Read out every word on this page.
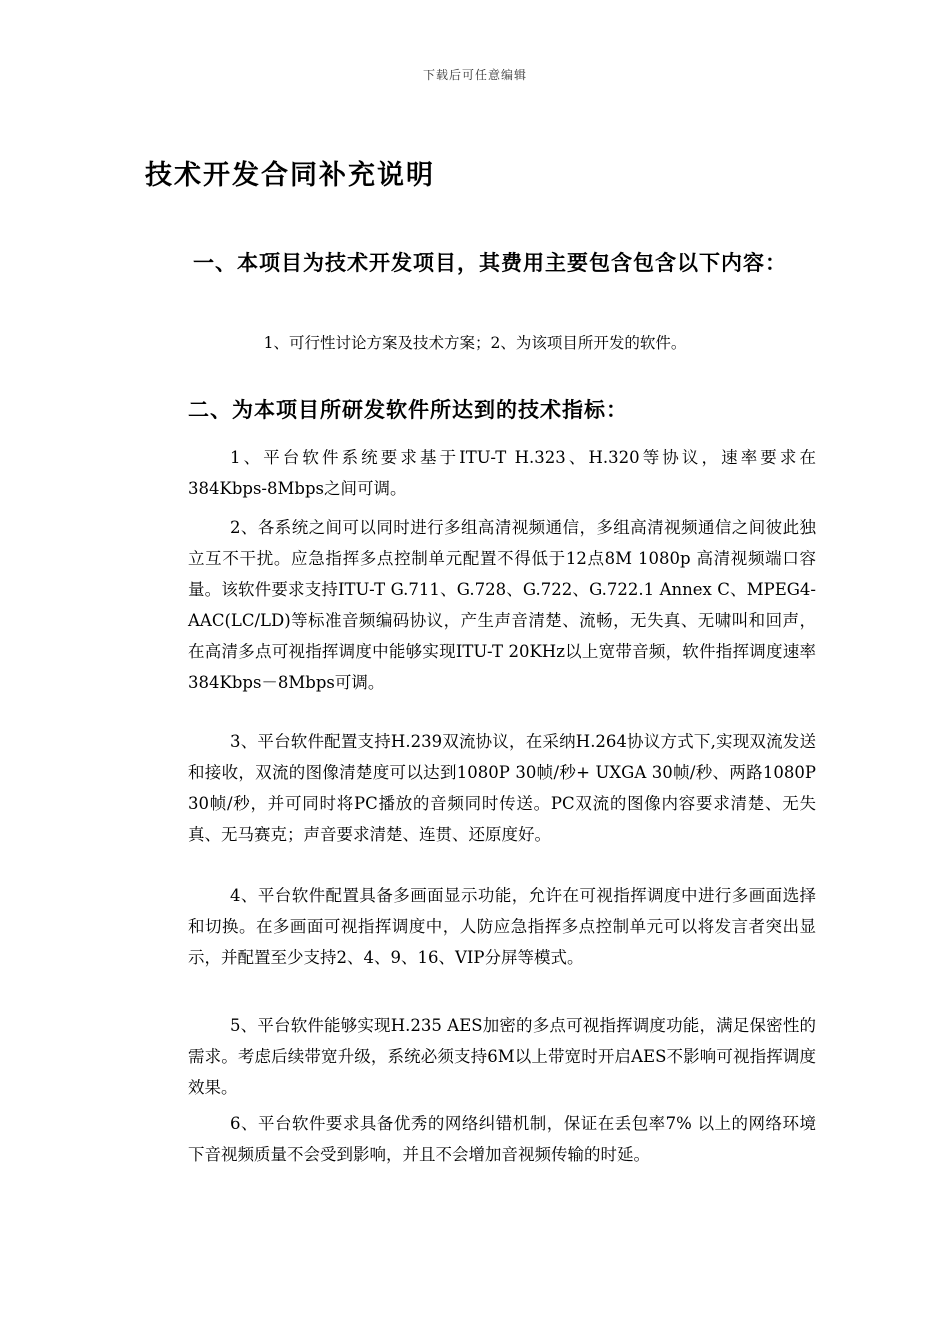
下载后可任意编辑
技术开发合同补充说明
一、本项目为技术开发项目，其费用主要包含包含以下内容：

1、可行性讨论方案及技术方案；2、为该项目所开发的软件。

二、为本项目所研发软件所达到的技术指标：

1、平台软件系统要求基于ITU-T H.323、H.320等协议，速率要求在384Kbps-8Mbps之间可调。

2、各系统之间可以同时进行多组高清视频通信，多组高清视频通信之间彼此独立互不干扰。应急指挥多点控制单元配置不得低于12点8M 1080p 高清视频端口容量。该软件要求支持ITU-T G.711、G.728、G.722、G.722.1 Annex C、MPEG4-AAC(LC/LD)等标准音频编码协议，产生声音清楚、流畅，无失真、无啸叫和回声，在高清多点可视指挥调度中能够实现ITU-T 20KHz以上宽带音频，软件指挥调度速率384Kbps－8Mbps可调。

3、平台软件配置支持H.239双流协议，在采纳H.264协议方式下,实现双流发送和接收，双流的图像清楚度可以达到1080P 30帧/秒+ UXGA 30帧/秒、两路1080P 30帧/秒，并可同时将PC播放的音频同时传送。PC双流的图像内容要求清楚、无失真、无马赛克；声音要求清楚、连贯、还原度好。

4、平台软件配置具备多画面显示功能，允许在可视指挥调度中进行多画面选择和切换。在多画面可视指挥调度中，人防应急指挥多点控制单元可以将发言者突出显示，并配置至少支持2、4、9、16、VIP分屏等模式。

5、平台软件能够实现H.235 AES加密的多点可视指挥调度功能，满足保密性的需求。考虑后续带宽升级，系统必须支持6M以上带宽时开启AES不影响可视指挥调度效果。

6、平台软件要求具备优秀的网络纠错机制，保证在丢包率7% 以上的网络环境下音视频质量不会受到影响，并且不会增加音视频传输的时延。
